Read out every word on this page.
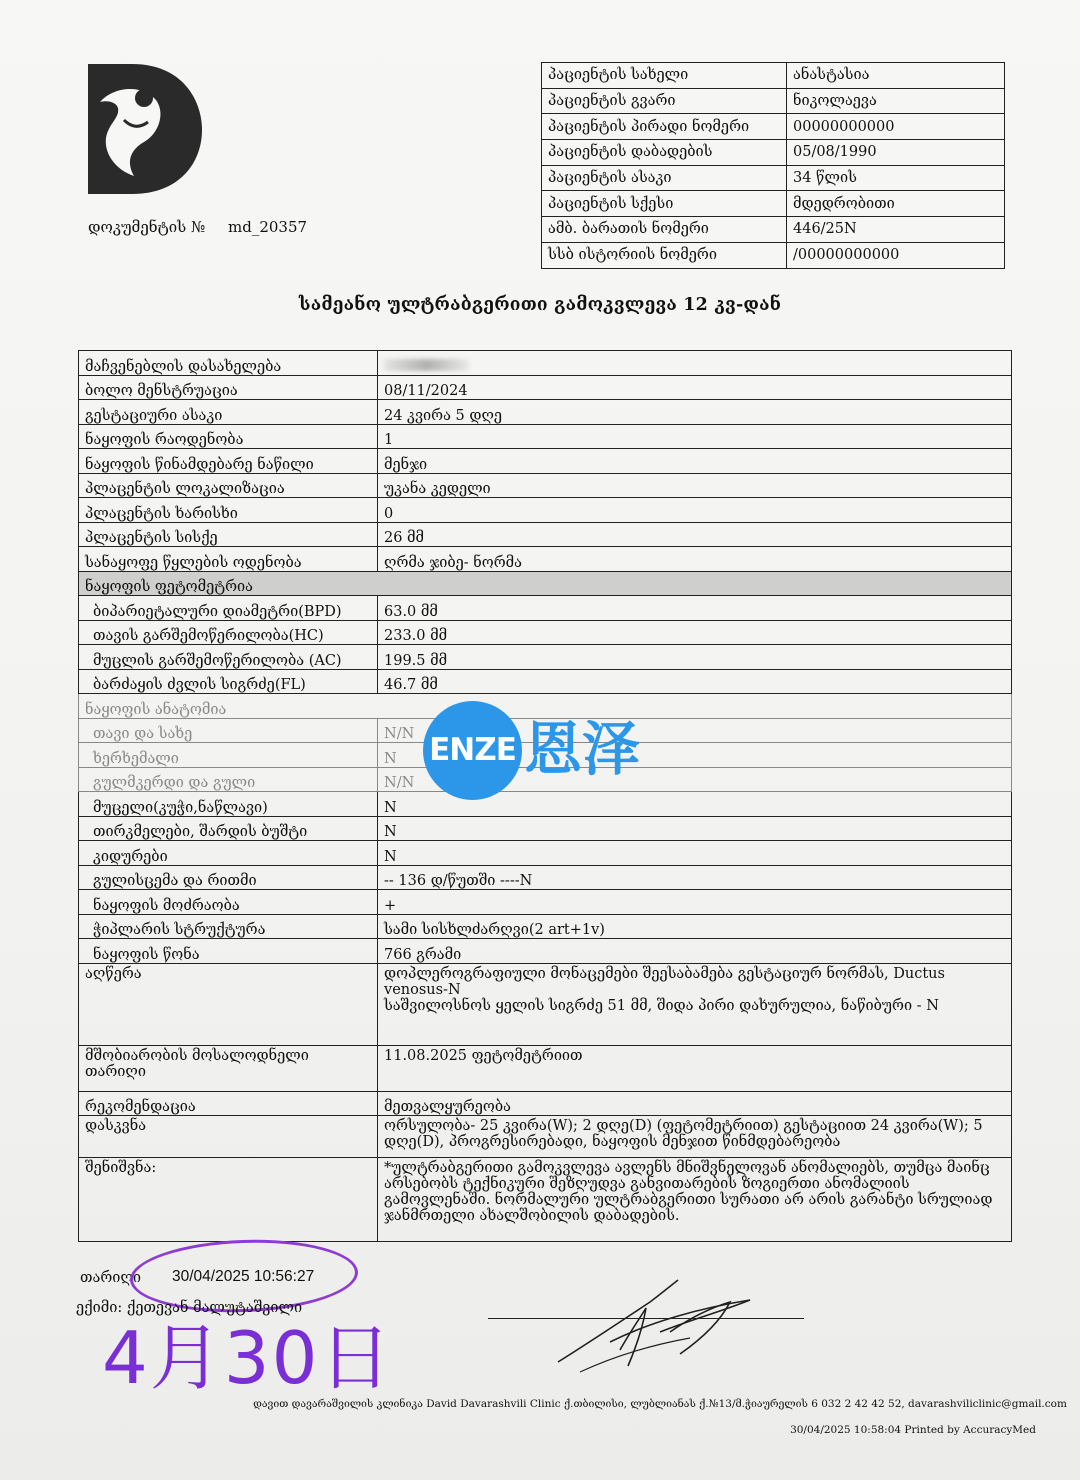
დოკუმენტის № md_20357
პაციენტის სახელი	ანასტასია
პაციენტის გვარი	ნიკოლაევა
პაციენტის პირადი ნომერი	00000000000
პაციენტის დაბადების	05/08/1990
პაციენტის ასაკი	34 წლის
პაციენტის სქესი	მდედრობითი
ამბ. ბარათის ნომერი	446/25N
სსბ ისტორიის ნომერი	/00000000000
სამეანო ულტრაბგერითი გამოკვლევა 12 კვ-დან
მაჩვენებლის დასახელება	
ბოლო მენსტრუაცია	08/11/2024
გესტაციური ასაკი	24 კვირა 5 დღე
ნაყოფის რაოდენობა	1
ნაყოფის წინამდებარე ნაწილი	მენჯი
პლაცენტის ლოკალიზაცია	უკანა კედელი
პლაცენტის ხარისხი	0
პლაცენტის სისქე	26 მმ
სანაყოფე წყლების ოდენობა	ღრმა ჯიბე- ნორმა
ნაყოფის ფეტომეტრია	
ბიპარიეტალური დიამეტრი(BPD)	63.0 მმ
თავის გარშემოწერილობა(HC)	233.0 მმ
მუცლის გარშემოწერილობა (AC)	199.5 მმ
ბარძაყის ძვლის სიგრძე(FL)	46.7 მმ
ნაყოფის ანატომია	
თავი და სახე	N/N
ხერხემალი	N
გულმკერდი და გული	N/N
მუცელი(კუჭი,ნაწლავი)	N
თირკმელები, შარდის ბუშტი	N
კიდურები	N
გულისცემა და რითმი	-- 136 დ/წუთში ----N
ნაყოფის მოძრაობა	+
ჭიპლარის სტრუქტურა	სამი სისხლძარღვი(2 art+1v)
ნაყოფის წონა	766 გრამი
აღწერა	დოპლეროგრაფიული მონაცემები შეესაბამება გესტაციურ ნორმას, Ductus venosus-N
საშვილოსნოს ყელის სიგრძე 51 მმ, შიდა პირი დახურულია, ნაწიბური - N

მშობიარობის მოსალოდნელი თარიღი	11.08.2025 ფეტომეტრიით
რეკომენდაცია	მეთვალყურეობა
დასკვნა	ორსულობა- 25 კვირა(W); 2 დღე(D) (ფეტომეტრიით) გესტაციით 24 კვირა(W); 5 დღე(D), პროგრესირებადი, ნაყოფის მენჯით წინმდებარეობა
შენიშვნა:	*ულტრაბგერითი გამოკვლევა ავლენს მნიშვნელოვან ანომალიებს, თუმცა მაინც არსებობს ტექნიკური შეზღუდვა განვითარების ზოგიერთი ანომალიის გამოვლენაში. ნორმალური ულტრაბგერითი სურათი არ არის გარანტი სრულიად ჯანმრთელი ახალშობილის დაბადების.
ENZE 恩泽
თარიღი 30/04/2025 10:56:27
ექიმი: ქეთევან მალუტაშვილი
4月30日
დავით დავარაშვილის კლინიკა David Davarashvili Clinic ქ.თბილისი, ლუბლიანას ქ.№13/მ.ჭიაურელის 6 032 2 42 42 52, davarashviliclinic@gmail.com
30/04/2025 10:58:04 Printed by AccuracyMed
